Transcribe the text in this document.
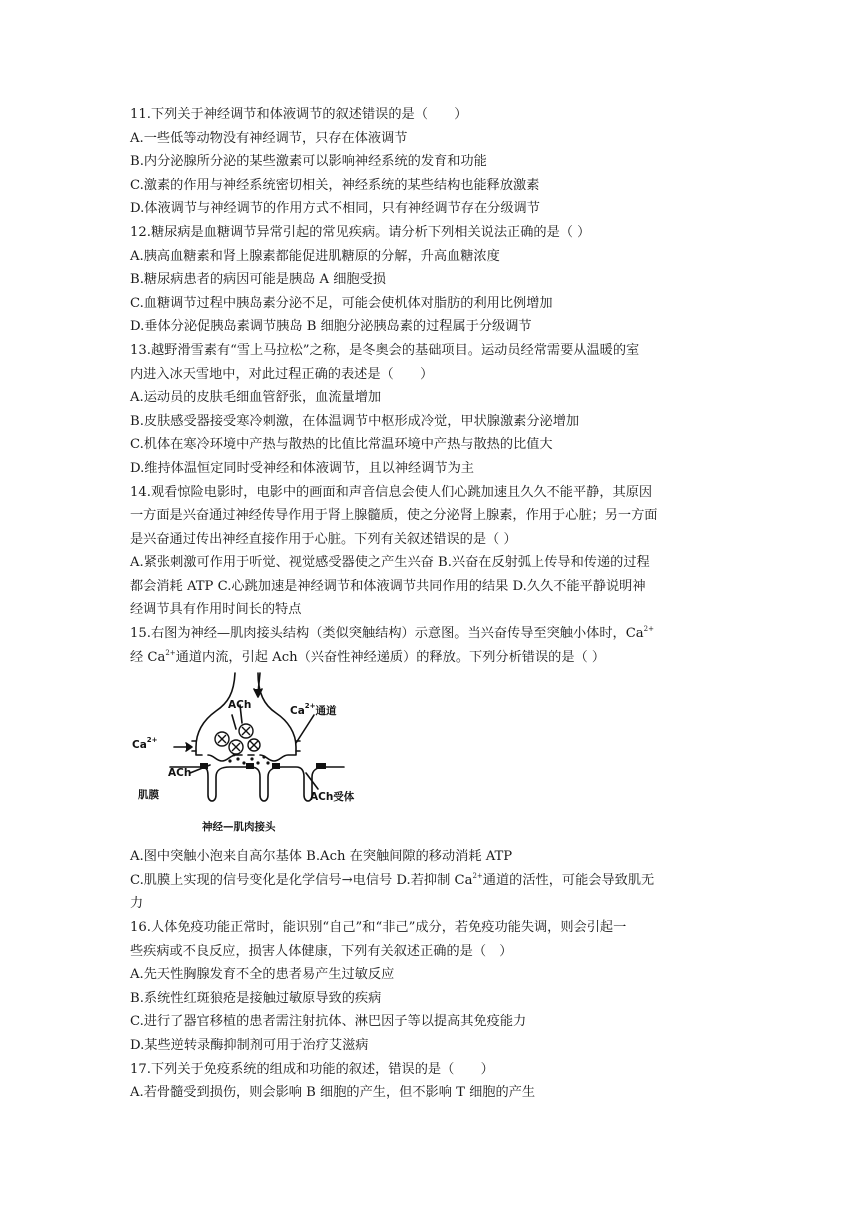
11.下列关于神经调节和体液调节的叙述错误的是（　　）
A.一些低等动物没有神经调节，只存在体液调节
B.内分泌腺所分泌的某些激素可以影响神经系统的发育和功能
C.激素的作用与神经系统密切相关，神经系统的某些结构也能释放激素
D.体液调节与神经调节的作用方式不相同，只有神经调节存在分级调节
12.糖尿病是血糖调节异常引起的常见疾病。请分析下列相关说法正确的是（ ）
A.胰高血糖素和肾上腺素都能促进肌糖原的分解，升高血糖浓度
B.糖尿病患者的病因可能是胰岛 A 细胞受损
C.血糖调节过程中胰岛素分泌不足，可能会使机体对脂肪的利用比例增加
D.垂体分泌促胰岛素调节胰岛 B 细胞分泌胰岛素的过程属于分级调节
13.越野滑雪素有“雪上马拉松”之称，是冬奥会的基础项目。运动员经常需要从温暖的室
内进入冰天雪地中，对此过程正确的表述是（　　）
A.运动员的皮肤毛细血管舒张，血流量增加
B.皮肤感受器接受寒冷刺激，在体温调节中枢形成冷觉，甲状腺激素分泌增加
C.机体在寒冷环境中产热与散热的比值比常温环境中产热与散热的比值大
D.维持体温恒定同时受神经和体液调节，且以神经调节为主
14.观看惊险电影时，电影中的画面和声音信息会使人们心跳加速且久久不能平静，其原因
一方面是兴奋通过神经传导作用于肾上腺髓质，使之分泌肾上腺素，作用于心脏；另一方面
是兴奋通过传出神经直接作用于心脏。下列有关叙述错误的是（ ）
A.紧张刺激可作用于听觉、视觉感受器使之产生兴奋 B.兴奋在反射弧上传导和传递的过程
都会消耗 ATP C.心跳加速是神经调节和体液调节共同作用的结果 D.久久不能平静说明神
经调节具有作用时间长的特点
15.右图为神经—肌肉接头结构（类似突触结构）示意图。当兴奋传导至突触小体时，$Ca^{2+}$
经 $Ca^{2+}$通道内流，引起 Ach（兴奋性神经递质）的释放。下列分析错误的是（ ）
ACh	$Ca^{2+}$通道
$Ca^{2+}$
ACh
肌膜	ACh受体
神经—肌肉接头
A.图中突触小泡来自高尔基体 B.Ach 在突触间隙的移动消耗 ATP
C.肌膜上实现的信号变化是化学信号→电信号 D.若抑制 $Ca^{2+}$通道的活性，可能会导致肌无
力
16.人体免疫功能正常时，能识别“自己”和“非己”成分，若免疫功能失调，则会引起一
些疾病或不良反应，损害人体健康，下列有关叙述正确的是（　）
A.先天性胸腺发育不全的患者易产生过敏反应
B.系统性红斑狼疮是接触过敏原导致的疾病
C.进行了器官移植的患者需注射抗体、淋巴因子等以提高其免疫能力
D.某些逆转录酶抑制剂可用于治疗艾滋病
17.下列关于免疫系统的组成和功能的叙述，错误的是（　　）
A.若骨髓受到损伤，则会影响 B 细胞的产生，但不影响 T 细胞的产生
